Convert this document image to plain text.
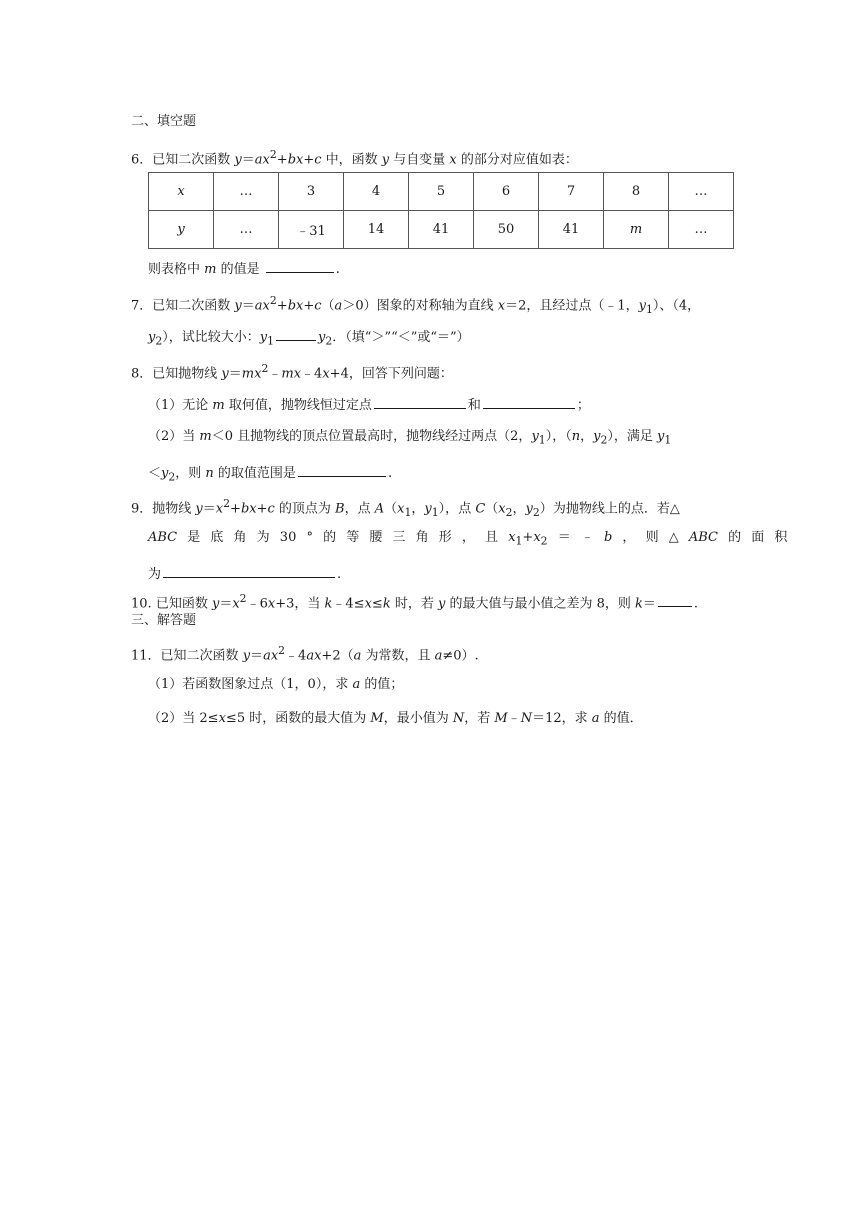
二、填空题
6．已知二次函数 $y=ax^2+bx+c$ 中，函数 y 与自变量 x 的部分对应值如表：
x	…	3	4	5	6	7	8	…
y	…	﹣31	14	41	50	41	m	…
则表格中 m 的值是	.
7．已知二次函数 $y=ax^2+bx+c(a>0)$图象的对称轴为直线 x＝2，且经过点（﹣1，$y_1$）、（4，
$y_2$），试比较大小：$y_1$	$y_2$．（填“＞”“＜”或“＝”）
8．已知抛物线 $y=mx^2﹣mx﹣4x+4$，回答下列问题：
（1）无论 m 取何值，抛物线恒过定点	和	；
（2）当 m＜0 且抛物线的顶点位置最高时，抛物线经过两点（2，$y_1$），（n，$y_2$），满足 $y_1$
$<y_2$，则 n 的取值范围是	.
9．抛物线 $y=x^2+bx+c$ 的顶点为 B，点 $A(x_1$，$y_1$），点 $C(x_2$，$y_2$）为抛物线上的点．若△
ABC 是 底 角 为 30 ° 的 等 腰 三 角 形 ， 且 $x_1+x_2$ ＝ ﹣ b ， 则 △ ABC 的 面 积
为	.
10. 已知函数 $y=x^2﹣6x+3$，当 k﹣4≤x≤k 时，若 y 的最大值与最小值之差为 8，则 k＝	.
三、解答题
11．已知二次函数 $y=ax^2﹣4ax+2(a$ 为常数，且 a≠0）.
（1）若函数图象过点（1，0），求 a 的值；
（2）当 2≤x≤5 时，函数的最大值为 M，最小值为 N，若 M﹣N＝12，求 a 的值．
